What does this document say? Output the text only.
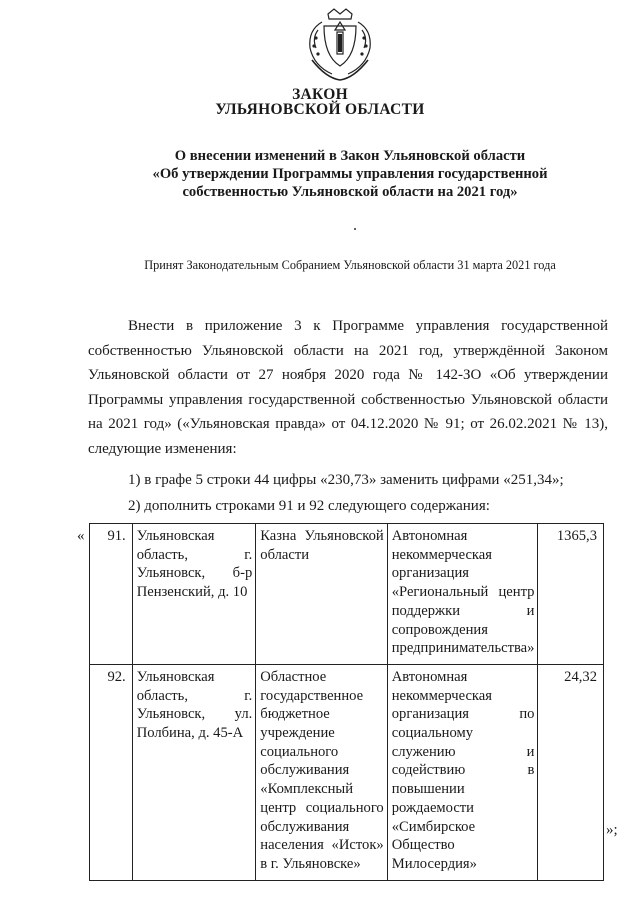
ЗАКОН
УЛЬЯНОВСКОЙ ОБЛАСТИ
О внесении изменений в Закон Ульяновской области
«Об утверждении Программы управления государственной
собственностью Ульяновской области на 2021 год»
Принят Законодательным Собранием Ульяновской области 31 марта 2021 года
Внести в приложение 3 к Программе управления государственной
собственностью Ульяновской области на 2021 год, утверждённой Законом
Ульяновской области от 27 ноября 2020 года № 142-ЗО «Об утверждении
Программы управления государственной собственностью Ульяновской области
на 2021 год» («Ульяновская правда» от 04.12.2020 № 91; от 26.02.2021 № 13),
следующие изменения:
1) в графе 5 строки 44 цифры «230,73» заменить цифрами «251,34»;
2) дополнить строками 91 и 92 следующего содержания:
« 91.	Ульяновская область, г. Ульяновск, б-р Пензенский, д. 10	Казна Ульяновской области	Автономная некоммерческая организация «Региональный центр поддержки и сопровождения предпринимательства»	1365,3
92.	Ульяновская область, г. Ульяновск, ул. Полбина, д. 45-А	Областное государственное бюджетное учреждение социального обслуживания «Комплексный центр социального обслуживания населения «Исток» в г. Ульяновске»	Автономная некоммерческая организация по социальному служению и содействию в повышении рождаемости «Симбирское Общество Милосердия»	24,32
»;
